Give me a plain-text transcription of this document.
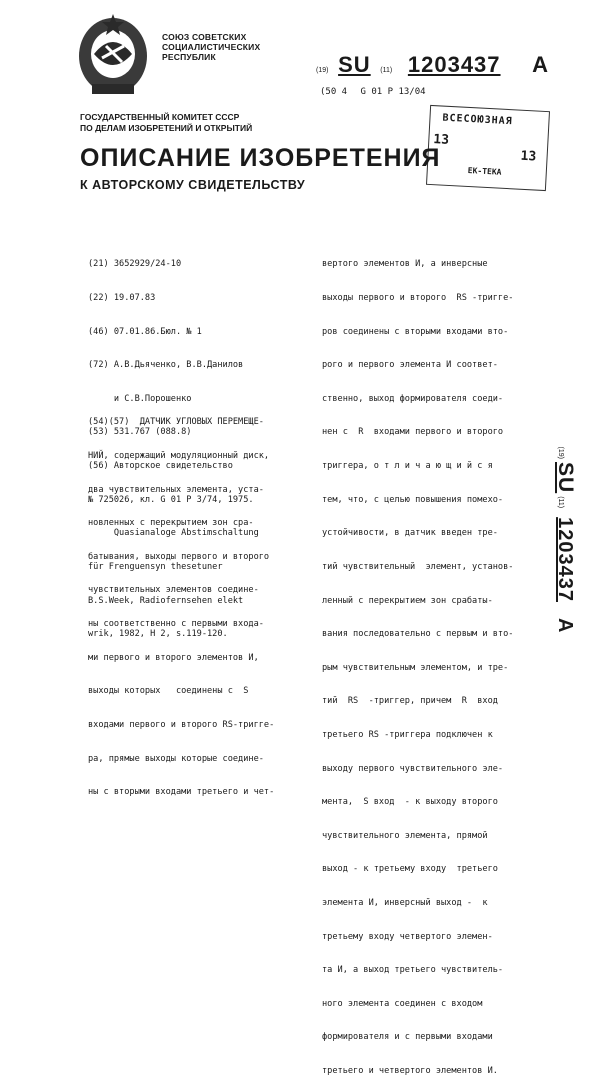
СОЮЗ СОВЕТСКИХ
СОЦИАЛИСТИЧЕСКИХ
РЕСПУБЛИК
(19) SU (11) 1203437 A
(50 4 G 01 P 13/04
ГОСУДАРСТВЕННЫЙ КОМИТЕТ СССР
ПО ДЕЛАМ ИЗОБРЕТЕНИЙ И ОТКРЫТИЙ
ВСЕСОЮЗНАЯ
13
13
ЕК-ТЕКА
ОПИСАНИЕ ИЗОБРЕТЕНИЯ
К АВТОРСКОМУ СВИДЕТЕЛЬСТВУ

(21) 3652929/24-10

(22) 19.07.83

(46) 07.01.86.Бюл. № 1

(72) А.В.Дьяченко, В.В.Данилов

и С.В.Порошенко

(53) 531.767 (088.8)

(56) Авторское свидетельство

№ 725026, кл. G 01 P 3/74, 1975.

Quasianaloge Abstimschaltung

für Frenguensyn thesetuner

B.S.Week, Radiofernsehen elekt

wrik, 1982, H 2, s.119-120.

(54)(57)  ДАТЧИК УГЛОВЫХ ПЕРЕМЕЩЕ-

НИЙ, содержащий модуляционный диск,

два чувствительных элемента, уста-

новленных с перекрытием зон сра-

батывания, выходы первого и второго

чувствительных элементов соедине-

ны соответственно с первыми входа-

ми первого и второго элементов И,

выходы которых   соединены с  S

входами первого и второго RS-тригге-

ра, прямые выходы которые соедине-

ны с вторыми входами третьего и чет-

вертого элементов И, а инверсные

выходы первого и второго  RS -тригге-

ров соединены с вторыми входами вто-

рого и первого элемента И соответ-

ственно, выход формирователя соеди-

нен с  R  входами первого и второго

триггера, о т л и ч а ю щ и й с я

тем, что, с целью повышения помехо-

устойчивости, в датчик введен тре-

тий чувствительный  элемент, установ-

ленный с перекрытием зон срабаты-

вания последовательно с первым и вто-

рым чувствительным элементом, и тре-

тий  RS  -триггер, причем  R  вход

третьего RS -триггера подключен к

выходу первого чувствительного эле-

мента,  S вход  - к выходу второго

чувствительного элемента, прямой

выход - к третьему входу  третьего

элемента И, инверсный выход -  к

третьему входу четвертого элемен-

та И, а выход третьего чувствитель-

ного элемента соединен с входом

формирователя и с первыми входами

третьего и четвертого элементов И.

(19)
SU
(11)
1203437
A
